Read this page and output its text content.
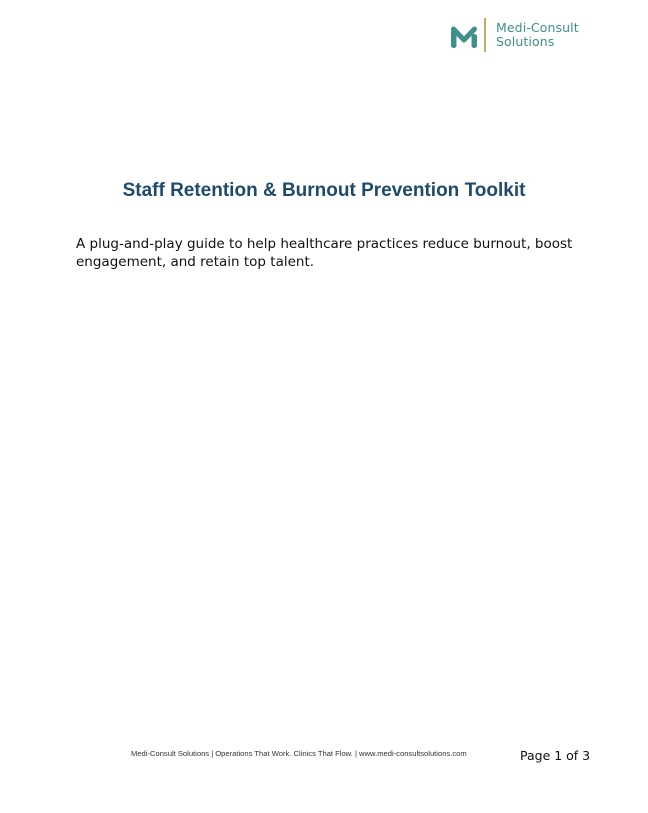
Medi-Consult
Solutions
Staff Retention & Burnout Prevention Toolkit

A plug-and-play guide to help healthcare practices reduce burnout, boost engagement, and retain top talent.

Medi-Consult Solutions | Operations That Work. Clinics That Flow. | www.medi-consultsolutions.com	Page 1 of 3
